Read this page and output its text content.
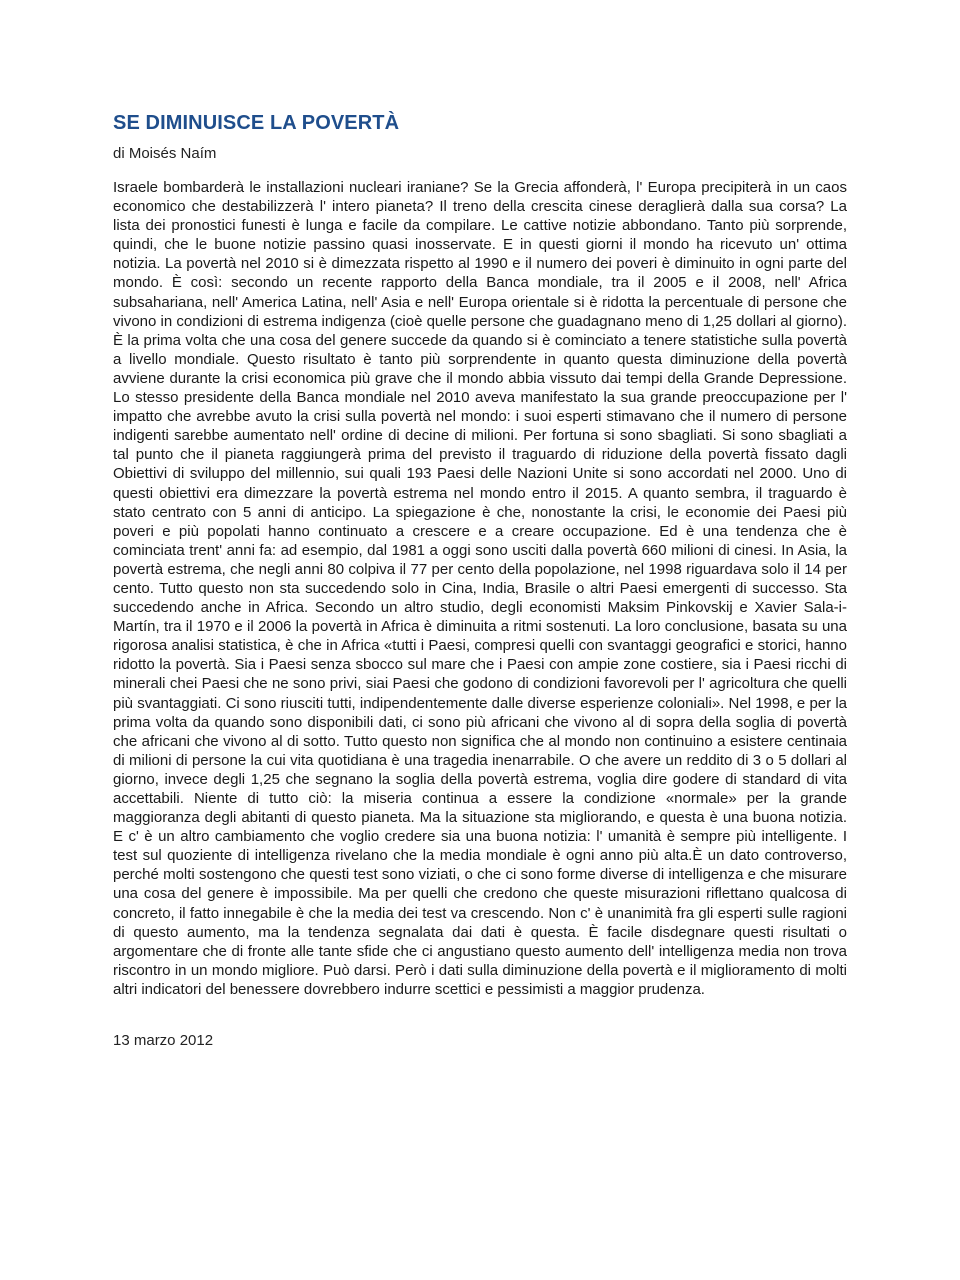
SE DIMINUISCE LA POVERTÀ
di Moisés Naím
Israele bombarderà le installazioni nucleari iraniane? Se la Grecia affonderà, l' Europa precipiterà in un caos economico che destabilizzerà l' intero pianeta? Il treno della crescita cinese deraglierà dalla sua corsa? La lista dei pronostici funesti è lunga e facile da compilare. Le cattive notizie abbondano. Tanto più sorprende, quindi, che le buone notizie passino quasi inosservate. E in questi giorni il mondo ha ricevuto un' ottima notizia. La povertà nel 2010 si è dimezzata rispetto al 1990 e il numero dei poveri è diminuito in ogni parte del mondo. È così: secondo un recente rapporto della Banca mondiale, tra il 2005 e il 2008, nell' Africa subsahariana, nell' America Latina, nell' Asia e nell' Europa orientale si è ridotta la percentuale di persone che vivono in condizioni di estrema indigenza (cioè quelle persone che guadagnano meno di 1,25 dollari al giorno). È la prima volta che una cosa del genere succede da quando si è cominciato a tenere statistiche sulla povertà a livello mondiale. Questo risultato è tanto più sorprendente in quanto questa diminuzione della povertà avviene durante la crisi economica più grave che il mondo abbia vissuto dai tempi della Grande Depressione. Lo stesso presidente della Banca mondiale nel 2010 aveva manifestato la sua grande preoccupazione per l' impatto che avrebbe avuto la crisi sulla povertà nel mondo: i suoi esperti stimavano che il numero di persone indigenti sarebbe aumentato nell' ordine di decine di milioni. Per fortuna si sono sbagliati. Si sono sbagliati a tal punto che il pianeta raggiungerà prima del previsto il traguardo di riduzione della povertà fissato dagli Obiettivi di sviluppo del millennio, sui quali 193 Paesi delle Nazioni Unite si sono accordati nel 2000. Uno di questi obiettivi era dimezzare la povertà estrema nel mondo entro il 2015. A quanto sembra, il traguardo è stato centrato con 5 anni di anticipo. La spiegazione è che, nonostante la crisi, le economie dei Paesi più poveri e più popolati hanno continuato a crescere e a creare occupazione. Ed è una tendenza che è cominciata trent' anni fa: ad esempio, dal 1981 a oggi sono usciti dalla povertà 660 milioni di cinesi. In Asia, la povertà estrema, che negli anni 80 colpiva il 77 per cento della popolazione, nel 1998 riguardava solo il 14 per cento. Tutto questo non sta succedendo solo in Cina, India, Brasile o altri Paesi emergenti di successo. Sta succedendo anche in Africa. Secondo un altro studio, degli economisti Maksim Pinkovskij e Xavier Sala-i-Martín, tra il 1970 e il 2006 la povertà in Africa è diminuita a ritmi sostenuti. La loro conclusione, basata su una rigorosa analisi statistica, è che in Africa «tutti i Paesi, compresi quelli con svantaggi geografici e storici, hanno ridotto la povertà. Sia i Paesi senza sbocco sul mare che i Paesi con ampie zone costiere, sia i Paesi ricchi di minerali chei Paesi che ne sono privi, siai Paesi che godono di condizioni favorevoli per l' agricoltura che quelli più svantaggiati. Ci sono riusciti tutti, indipendentemente dalle diverse esperienze coloniali». Nel 1998, e per la prima volta da quando sono disponibili dati, ci sono più africani che vivono al di sopra della soglia di povertà che africani che vivono al di sotto. Tutto questo non significa che al mondo non continuino a esistere centinaia di milioni di persone la cui vita quotidiana è una tragedia inenarrabile. O che avere un reddito di 3 o 5 dollari al giorno, invece degli 1,25 che segnano la soglia della povertà estrema, voglia dire godere di standard di vita accettabili. Niente di tutto ciò: la miseria continua a essere la condizione «normale» per la grande maggioranza degli abitanti di questo pianeta. Ma la situazione sta migliorando, e questa è una buona notizia. E c' è un altro cambiamento che voglio credere sia una buona notizia: l' umanità è sempre più intelligente. I test sul quoziente di intelligenza rivelano che la media mondiale è ogni anno più alta.È un dato controverso, perché molti sostengono che questi test sono viziati, o che ci sono forme diverse di intelligenza e che misurare una cosa del genere è impossibile. Ma per quelli che credono che queste misurazioni riflettano qualcosa di concreto, il fatto innegabile è che la media dei test va crescendo. Non c' è unanimità fra gli esperti sulle ragioni di questo aumento, ma la tendenza segnalata dai dati è questa. È facile disdegnare questi risultati o argomentare che di fronte alle tante sfide che ci angustiano questo aumento dell' intelligenza media non trova riscontro in un mondo migliore. Può darsi. Però i dati sulla diminuzione della povertà e il miglioramento di molti altri indicatori del benessere dovrebbero indurre scettici e pessimisti a maggior prudenza.
13 marzo 2012
